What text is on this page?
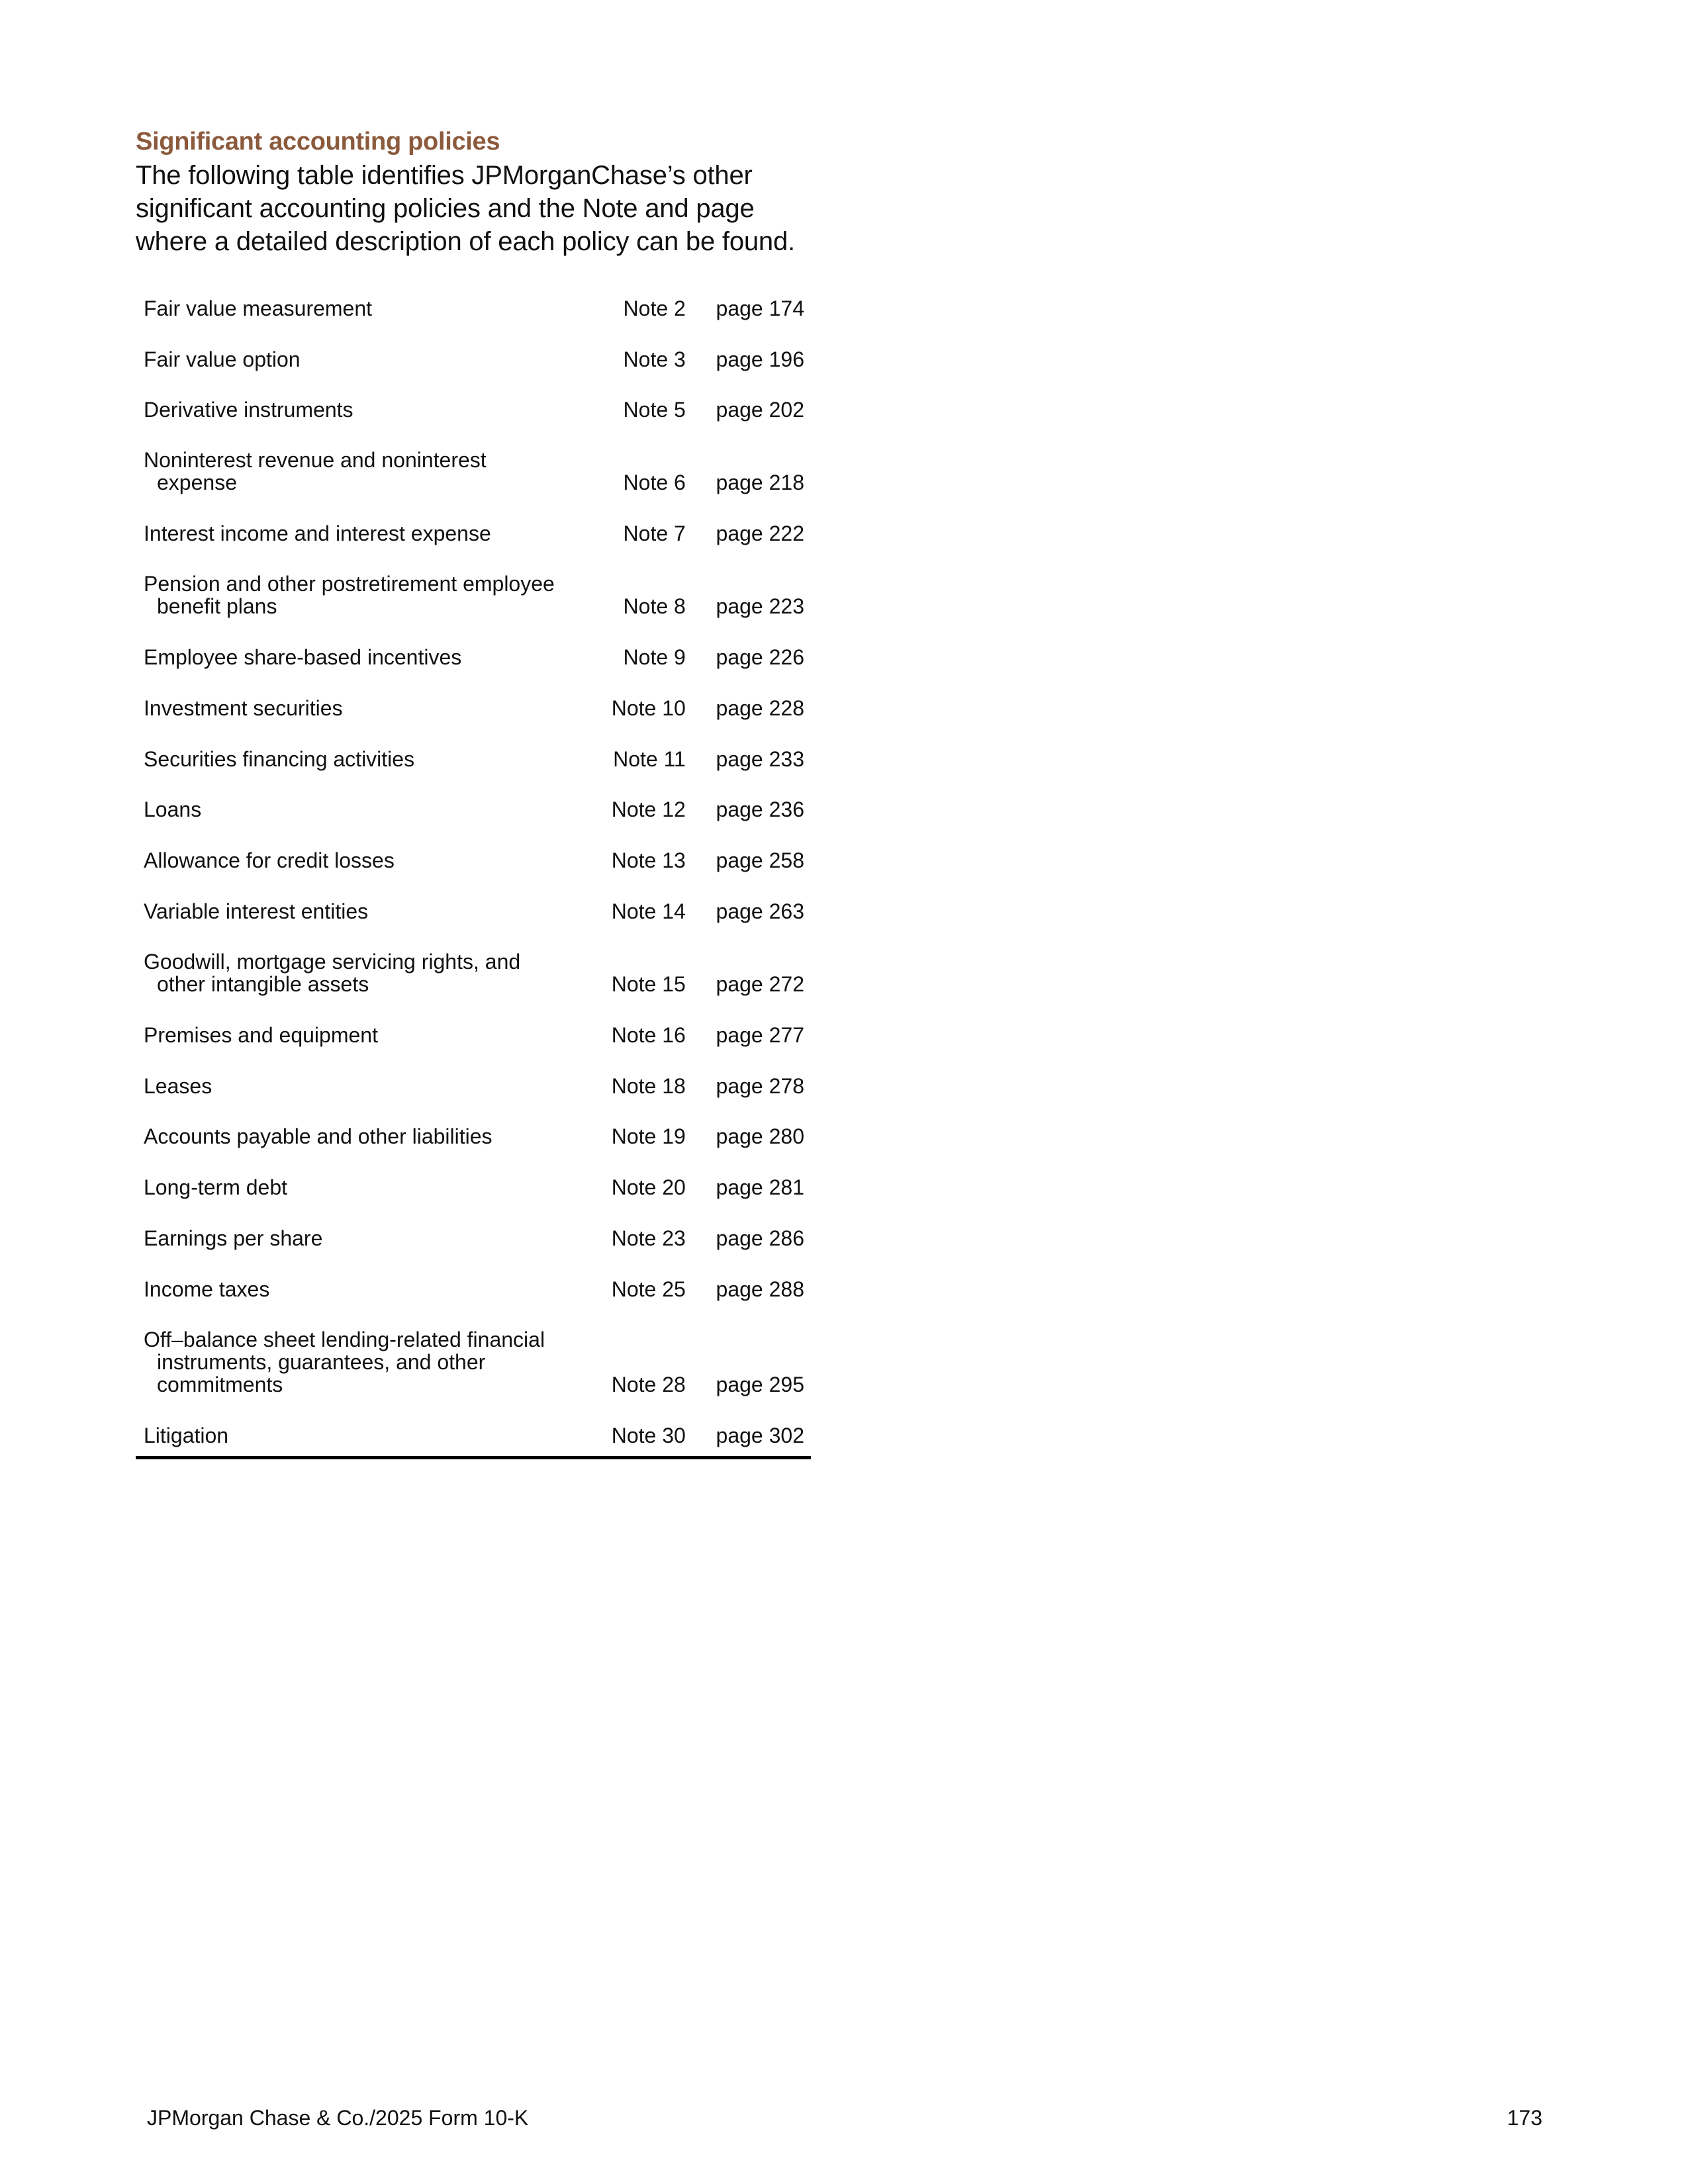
Significant accounting policies

The following table identifies JPMorganChase’s other significant accounting policies and the Note and page where a detailed description of each policy can be found.

Fair value measurement	Note 2	page 174

Fair value option	Note 3	page 196

Derivative instruments	Note 5	page 202

Noninterest revenue and noninterest expense	Note 6	page 218

Interest income and interest expense	Note 7	page 222

Pension and other postretirement employee benefit plans	Note 8	page 223

Employee share-based incentives	Note 9	page 226

Investment securities	Note 10	page 228

Securities financing activities	Note 11	page 233

Loans	Note 12	page 236

Allowance for credit losses	Note 13	page 258

Variable interest entities	Note 14	page 263

Goodwill, mortgage servicing rights, and other intangible assets	Note 15	page 272

Premises and equipment	Note 16	page 277

Leases	Note 18	page 278

Accounts payable and other liabilities	Note 19	page 280

Long-term debt	Note 20	page 281

Earnings per share	Note 23	page 286

Income taxes	Note 25	page 288

Off–balance sheet lending-related financial instruments, guarantees, and other commitments	Note 28	page 295

Litigation	Note 30	page 302
JPMorgan Chase & Co./2025 Form 10-K	173
